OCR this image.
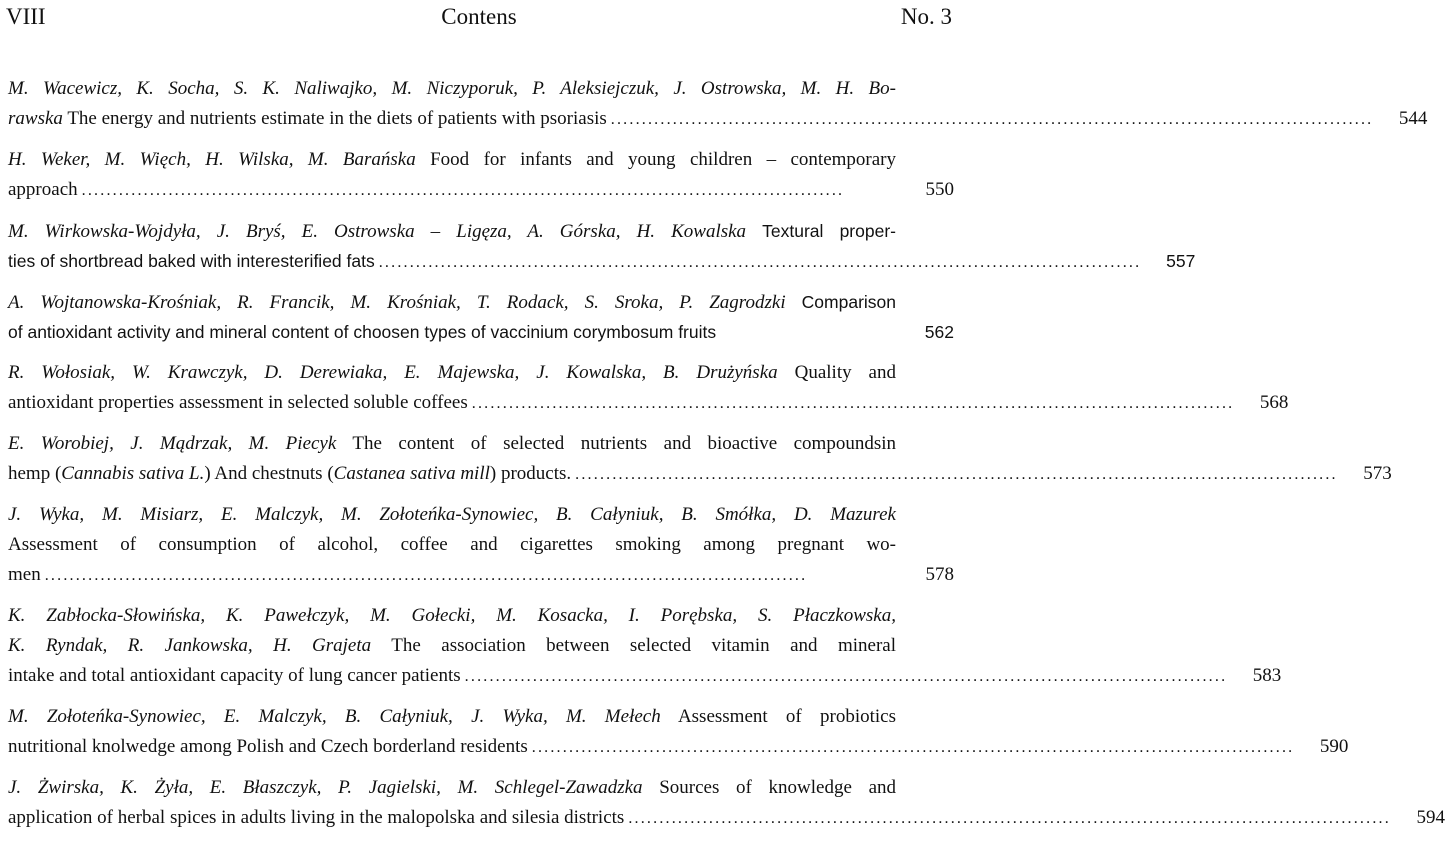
VIII	Contens	No. 3
M. Wacewicz, K. Socha, S. K. Naliwajko, M. Niczyporuk, P. Aleksiejczuk, J. Ostrowska, M. H. Bo-
rawska The energy and nutrients estimate in the diets of patients with psoriasis ........................................................................................................................... 544
H. Weker, M. Więch, H. Wilska, M. Barańska Food for infants and young children – contemporary
approach ...........................................................................................................................	550
M. Wirkowska-Wojdyła, J. Bryś, E. Ostrowska – Ligęza, A. Górska, H. Kowalska Textural proper-
ties of shortbread baked with interesterified fats ........................................................................................................................... 557
A. Wojtanowska-Krośniak, R. Francik, M. Krośniak, T. Rodack, S. Sroka, P. Zagrodzki Comparison
of antioxidant activity and mineral content of choosen types of vaccinium corymbosum fruits	562
R. Wołosiak, W. Krawczyk, D. Derewiaka, E. Majewska, J. Kowalska, B. Drużyńska Quality and
antioxidant properties assessment in selected soluble coffees ........................................................................................................................... 568
E. Worobiej, J. Mądrzak, M. Piecyk The content of selected nutrients and bioactive compoundsin
hemp (Cannabis sativa L.) And chestnuts (Castanea sativa mill) products. ........................................................................................................................... 573
J. Wyka, M. Misiarz, E. Malczyk, M. Zołoteńka-Synowiec, B. Całyniuk, B. Smółka, D. Mazurek
Assessment of consumption of alcohol, coffee and cigarettes smoking among pregnant wo-
men ...........................................................................................................................	578
K. Zabłocka-Słowińska, K. Pawełczyk, M. Gołecki, M. Kosacka, I. Porębska, S. Płaczkowska,
K. Ryndak, R. Jankowska, H. Grajeta The association between selected vitamin and mineral
intake and total antioxidant capacity of lung cancer patients ........................................................................................................................... 583
M. Zołoteńka-Synowiec, E. Malczyk, B. Całyniuk, J. Wyka, M. Mełech Assessment of probiotics
nutritional knolwedge among Polish and Czech borderland residents ........................................................................................................................... 590
J. Żwirska, K. Żyła, E. Błaszczyk, P. Jagielski, M. Schlegel-Zawadzka Sources of knowledge and
application of herbal spices in adults living in the malopolska and silesia districts ........................................................................................................................... 594
